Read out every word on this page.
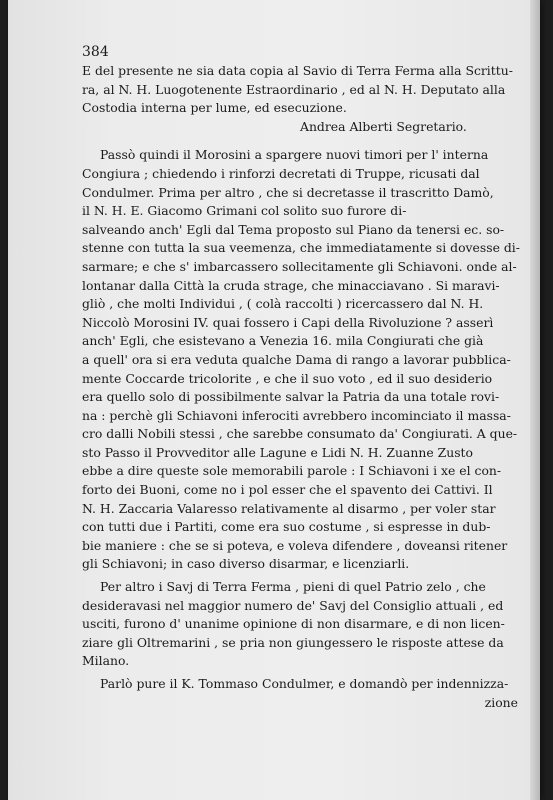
384
E del presente ne sia data copia al Savio di Terra Ferma alla Scrittu-
ra, al N. H. Luogotenente Estraordinario , ed al N. H. Deputato alla
Costodia interna per lume, ed esecuzione.
Andrea Alberti Segretario.
Passò quindi il Morosini a spargere nuovi timori per l' interna
Congiura ; chiedendo i rinforzi decretati di Truppe, ricusati dal
Condulmer. Prima per altro , che si decretasse il trascritto Damò,
il N. H. E. Giacomo Grimani col solito suo furore di-
salveando anch' Egli dal Tema proposto sul Piano da tenersi ec. so-
stenne con tutta la sua veemenza, che immediatamente si dovesse di-
sarmare; e che s' imbarcassero sollecitamente gli Schiavoni. onde al-
lontanar dalla Città la cruda strage, che minacciavano . Si maravi-
gliò , che molti Individui , ( colà raccolti ) ricercassero dal N. H.
Niccolò Morosini IV. quai fossero i Capi della Rivoluzione ? asserì
anch' Egli, che esistevano a Venezia 16. mila Congiurati che già
a quell' ora si era veduta qualche Dama di rango a lavorar pubblica-
mente Coccarde tricolorite , e che il suo voto , ed il suo desiderio
era quello solo di possibilmente salvar la Patria da una totale rovi-
na : perchè gli Schiavoni inferociti avrebbero incominciato il massa-
cro dalli Nobili stessi , che sarebbe consumato da' Congiurati. A que-
sto Passo il Provveditor alle Lagune e Lidi N. H. Zuanne Zusto
ebbe a dire queste sole memorabili parole : I Schiavoni i xe el con-
forto dei Buoni, come no i pol esser che el spavento dei Cattivi. Il
N. H. Zaccaria Valaresso relativamente al disarmo , per voler star
con tutti due i Partiti, come era suo costume , si espresse in dub-
bie maniere : che se si poteva, e voleva difendere , doveansi ritener
gli Schiavoni; in caso diverso disarmar, e licenziarli.
Per altro i Savj di Terra Ferma , pieni di quel Patrio zelo , che
desideravasi nel maggior numero de' Savj del Consiglio attuali , ed
usciti, furono d' unanime opinione di non disarmare, e di non licen-
ziare gli Oltremarini , se pria non giungessero le risposte attese da
Milano.
Parlò pure il K. Tommaso Condulmer, e domandò per indennizza-
zione
